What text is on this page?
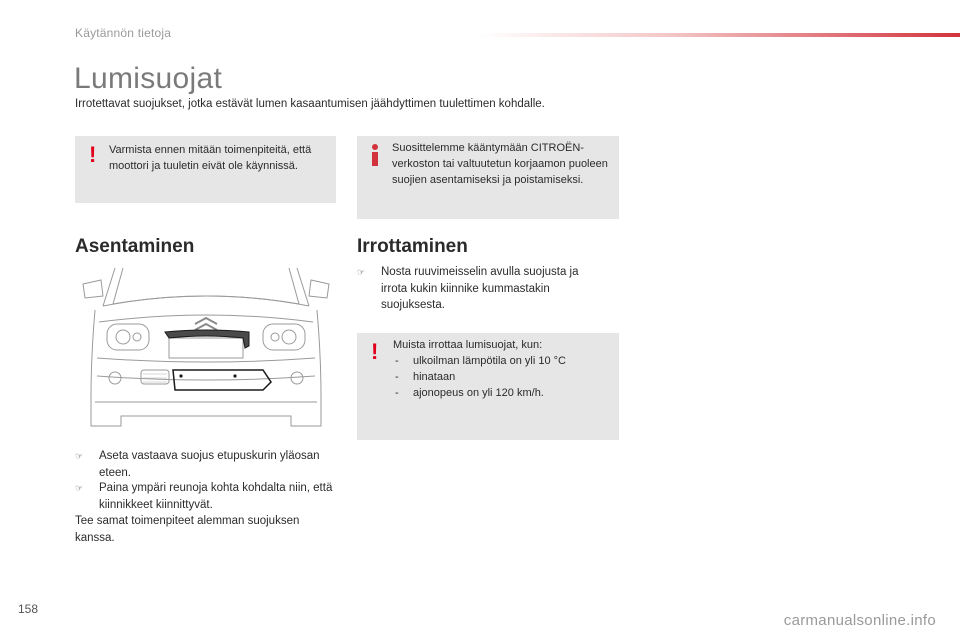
Käytännön tietoja
Lumisuojat
Irrotettavat suojukset, jotka estävät lumen kasaantumisen jäähdyttimen tuulettimen kohdalle.
! Varmista ennen mitään toimenpiteitä, että moottori ja tuuletin eivät ole käynnissä.
Suosittelemme kääntymään CITROËN-verkoston tai valtuutetun korjaamon puoleen suojien asentamiseksi ja poistamiseksi.
Asentaminen	Irrottaminen
☞	Aseta vastaava suojus etupuskurin yläosan eteen.
☞	Paina ympäri reunoja kohta kohdalta niin, että kiinnikkeet kiinnittyvät.
Tee samat toimenpiteet alemman suojuksen kanssa.
☞	Nosta ruuvimeisselin avulla suojusta ja irrota kukin kiinnike kummastakin suojuksesta.
! Muista irrottaa lumisuojat, kun:
- ulkoilman lämpötila on yli 10 °C
- hinataan
- ajonopeus on yli 120 km/h.
158
carmanualsonline.info
